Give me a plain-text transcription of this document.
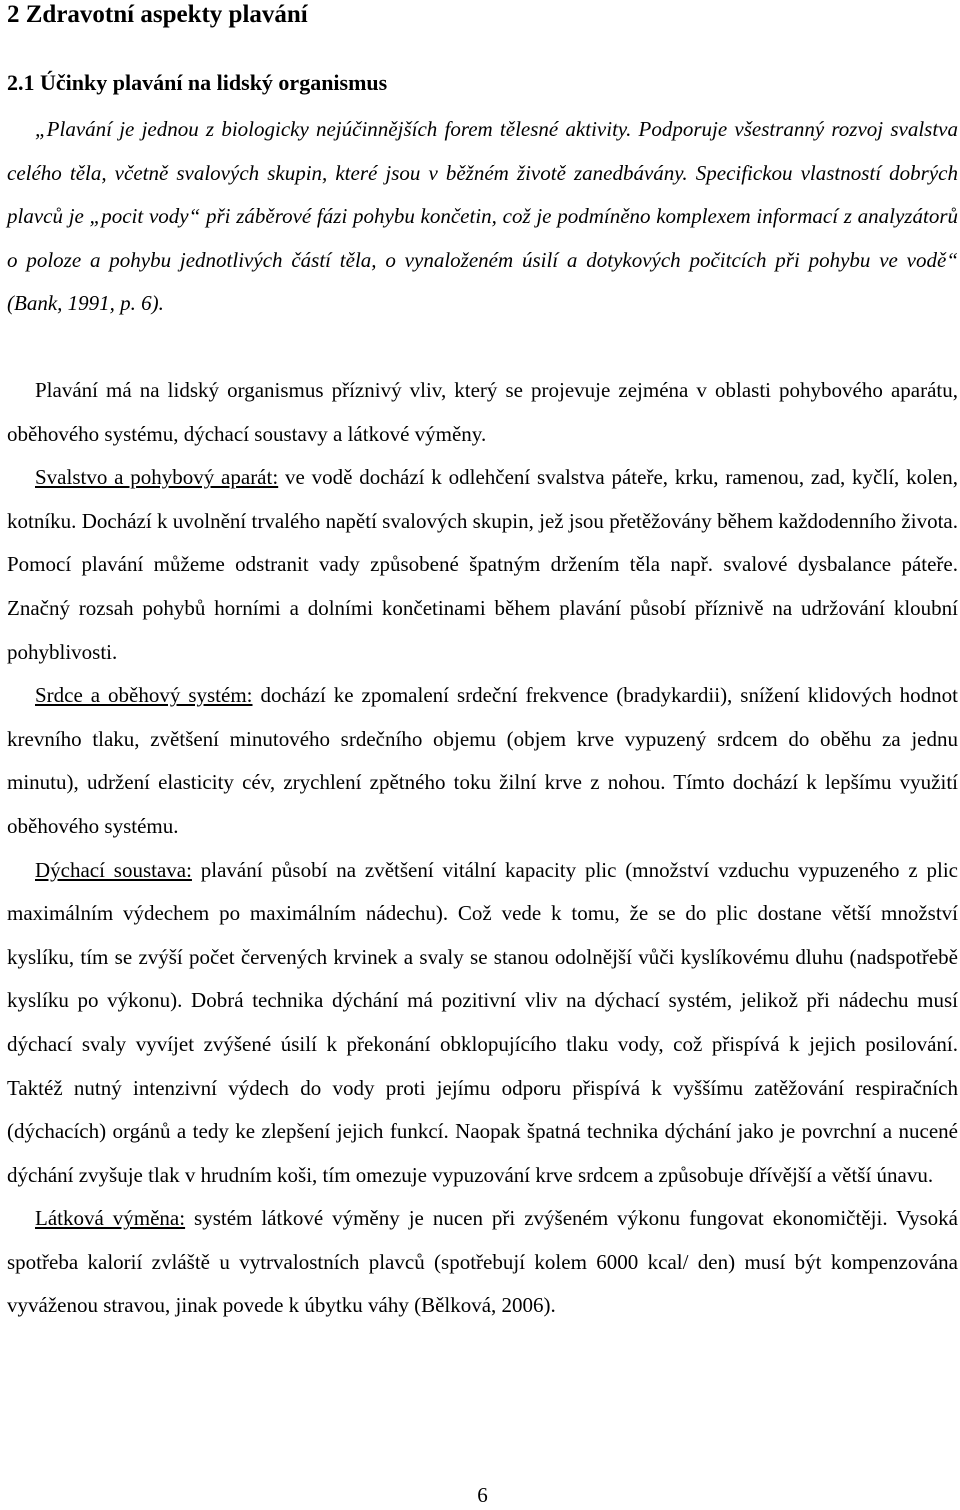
2 Zdravotní aspekty plavání
2.1 Účinky plavání na lidský organismus

„Plavání je jednou z biologicky nejúčinnějších forem tělesné aktivity. Podporuje všestranný rozvoj svalstva celého těla, včetně svalových skupin, které jsou v běžném životě zanedbávány. Specifickou vlastností dobrých plavců je „pocit vody“ při záběrové fázi pohybu končetin, což je podmíněno komplexem informací z analyzátorů o poloze a pohybu jednotlivých částí těla, o vynaloženém úsilí a dotykových počitcích při pohybu ve vodě“ (Bank, 1991, p. 6).

Plavání má na lidský organismus příznivý vliv, který se projevuje zejména v oblasti pohybového aparátu, oběhového systému, dýchací soustavy a látkové výměny.

Svalstvo a pohybový aparát: ve vodě dochází k odlehčení svalstva páteře, krku, ramenou, zad, kyčlí, kolen, kotníku. Dochází k uvolnění trvalého napětí svalových skupin, jež jsou přetěžovány během každodenního života. Pomocí plavání můžeme odstranit vady způsobené špatným držením těla např. svalové dysbalance páteře. Značný rozsah pohybů horními a dolními končetinami během plavání působí příznivě na udržování kloubní pohyblivosti.

Srdce a oběhový systém: dochází ke zpomalení srdeční frekvence (bradykardii), snížení klidových hodnot krevního tlaku, zvětšení minutového srdečního objemu (objem krve vypuzený srdcem do oběhu za jednu minutu), udržení elasticity cév, zrychlení zpětného toku žilní krve z nohou. Tímto dochází k lepšímu využití oběhového systému.

Dýchací soustava: plavání působí na zvětšení vitální kapacity plic (množství vzduchu vypuzeného z plic maximálním výdechem po maximálním nádechu). Což vede k tomu, že se do plic dostane větší množství kyslíku, tím se zvýší počet červených krvinek a svaly se stanou odolnější vůči kyslíkovému dluhu (nadspotřebě kyslíku po výkonu). Dobrá technika dýchání má pozitivní vliv na dýchací systém, jelikož při nádechu musí dýchací svaly vyvíjet zvýšené úsilí k překonání obklopujícího tlaku vody, což přispívá k jejich posilování. Taktéž nutný intenzivní výdech do vody proti jejímu odporu přispívá k vyššímu zatěžování respiračních (dýchacích) orgánů a tedy ke zlepšení jejich funkcí. Naopak špatná technika dýchání jako je povrchní a nucené dýchání zvyšuje tlak v hrudním koši, tím omezuje vypuzování krve srdcem a způsobuje dřívější a větší únavu.

Látková výměna: systém látkové výměny je nucen při zvýšeném výkonu fungovat ekonomičtěji. Vysoká spotřeba kalorií zvláště u vytrvalostních plavců (spotřebují kolem 6000 kcal/ den) musí být kompenzována vyváženou stravou, jinak povede k úbytku váhy (Bělková, 2006).

6
